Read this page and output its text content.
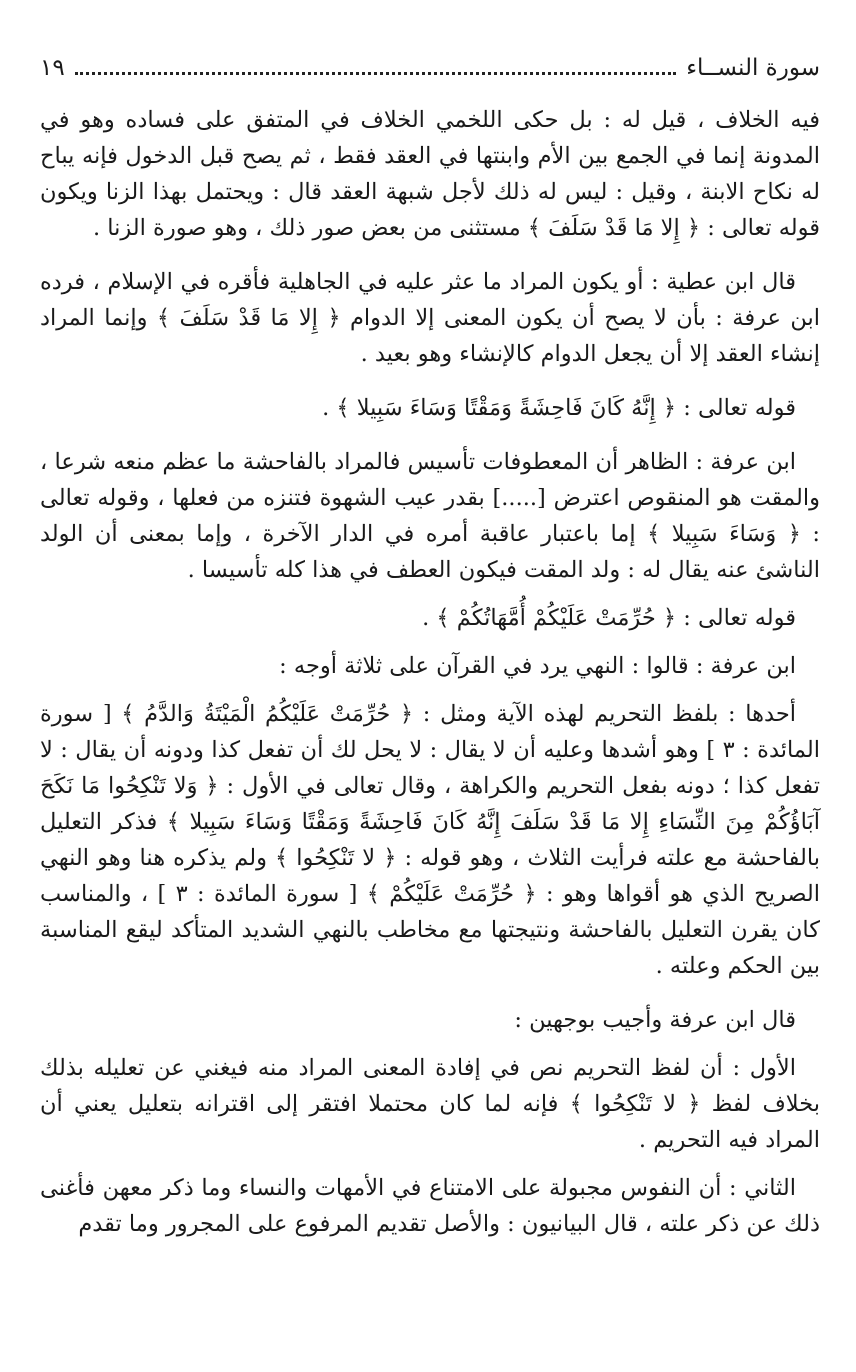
سورة النســاء
١٩

فيه الخلاف ، قيل له : بل حكى اللخمي الخلاف في المتفق على فساده وهو في المدونة إنما في الجمع بين الأم وابنتها في العقد فقط ، ثم يصح قبل الدخول فإنه يباح له نكاح الابنة ، وقيل : ليس له ذلك لأجل شبهة العقد قال : ويحتمل بهذا الزنا ويكون قوله تعالى : ﴿ إِلا مَا قَدْ سَلَفَ ﴾ مستثنى من بعض صور ذلك ، وهو صورة الزنا .

قال ابن عطية : أو يكون المراد ما عثر عليه في الجاهلية فأقره في الإسلام ، فرده ابن عرفة : بأن لا يصح أن يكون المعنى إلا الدوام ﴿ إِلا مَا قَدْ سَلَفَ ﴾ وإنما المراد إنشاء العقد إلا أن يجعل الدوام كالإنشاء وهو بعيد .

قوله تعالى : ﴿ إِنَّهُ كَانَ فَاحِشَةً وَمَقْتًا وَسَاءَ سَبِيلا ﴾ .

ابن عرفة : الظاهر أن المعطوفات تأسيس فالمراد بالفاحشة ما عظم منعه شرعا ، والمقت هو المنقوص اعترض [.....] بقدر عيب الشهوة فتنزه من فعلها ، وقوله تعالى : ﴿ وَسَاءَ سَبِيلا ﴾ إما باعتبار عاقبة أمره في الدار الآخرة ، وإما بمعنى أن الولد الناشئ عنه يقال له : ولد المقت فيكون العطف في هذا كله تأسيسا .

قوله تعالى : ﴿ حُرِّمَتْ عَلَيْكُمْ أُمَّهَاتُكُمْ ﴾ .

ابن عرفة : قالوا : النهي يرد في القرآن على ثلاثة أوجه :

أحدها : بلفظ التحريم لهذه الآية ومثل : ﴿ حُرِّمَتْ عَلَيْكُمُ الْمَيْتَةُ وَالدَّمُ ﴾ [ سورة المائدة : ٣ ] وهو أشدها وعليه أن لا يقال : لا يحل لك أن تفعل كذا ودونه أن يقال : لا تفعل كذا ؛ دونه بفعل التحريم والكراهة ، وقال تعالى في الأول : ﴿ وَلا تَنْكِحُوا مَا نَكَحَ آبَاؤُكُمْ مِنَ النِّسَاءِ إِلا مَا قَدْ سَلَفَ إِنَّهُ كَانَ فَاحِشَةً وَمَقْتًا وَسَاءَ سَبِيلا ﴾ فذكر التعليل بالفاحشة مع علته فرأيت الثلاث ، وهو قوله : ﴿ لا تَنْكِحُوا ﴾ ولم يذكره هنا وهو النهي الصريح الذي هو أقواها وهو : ﴿ حُرِّمَتْ عَلَيْكُمْ ﴾ [ سورة المائدة : ٣ ] ، والمناسب كان يقرن التعليل بالفاحشة ونتيجتها مع مخاطب بالنهي الشديد المتأكد ليقع المناسبة بين الحكم وعلته .

قال ابن عرفة وأجيب بوجهين :

الأول : أن لفظ التحريم نص في إفادة المعنى المراد منه فيغني عن تعليله بذلك بخلاف لفظ ﴿ لا تَنْكِحُوا ﴾ فإنه لما كان محتملا افتقر إلى اقترانه بتعليل يعني أن المراد فيه التحريم .

الثاني : أن النفوس مجبولة على الامتناع في الأمهات والنساء وما ذكر معهن فأغنى ذلك عن ذكر علته ، قال البيانيون : والأصل تقديم المرفوع على المجرور وما تقدم
